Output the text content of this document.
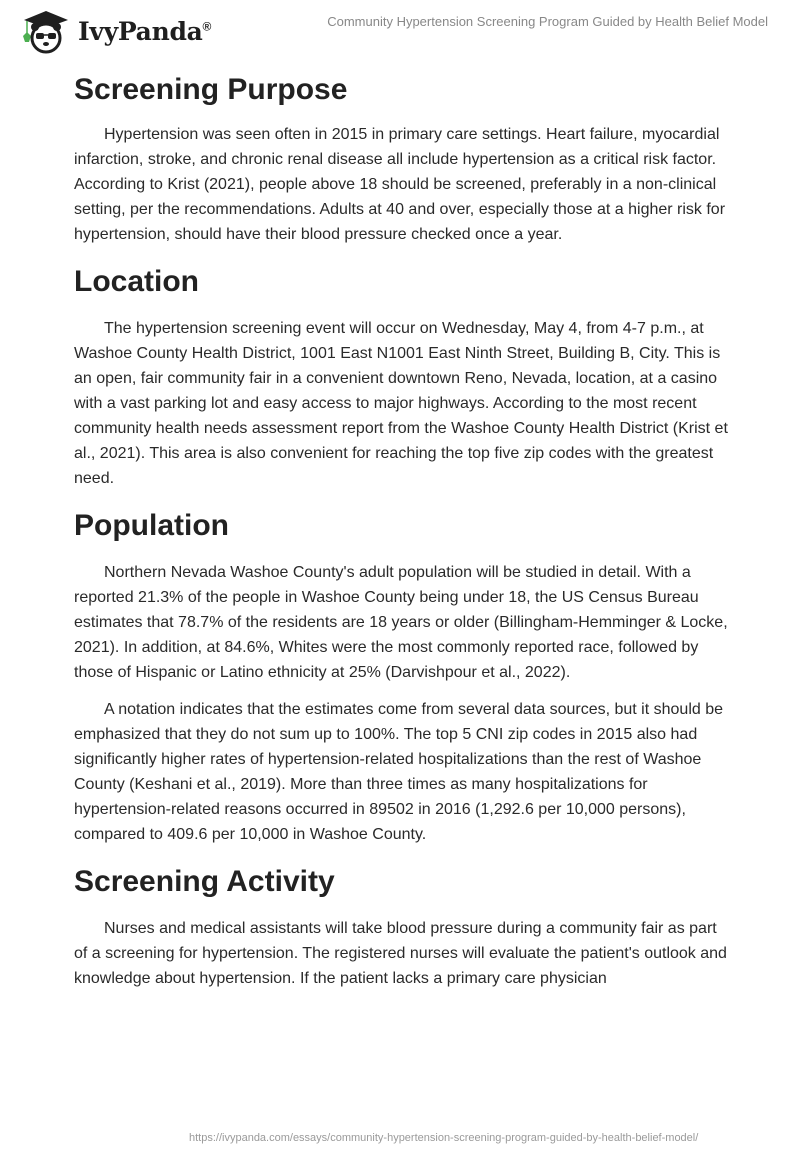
IvyPanda®	Community Hypertension Screening Program Guided by Health Belief Model
Screening Purpose

Hypertension was seen often in 2015 in primary care settings. Heart failure, myocardial infarction, stroke, and chronic renal disease all include hypertension as a critical risk factor. According to Krist (2021), people above 18 should be screened, preferably in a non-clinical setting, per the recommendations. Adults at 40 and over, especially those at a higher risk for hypertension, should have their blood pressure checked once a year.

Location

The hypertension screening event will occur on Wednesday, May 4, from 4-7 p.m., at Washoe County Health District, 1001 East N1001 East Ninth Street, Building B, City. This is an open, fair community fair in a convenient downtown Reno, Nevada, location, at a casino with a vast parking lot and easy access to major highways. According to the most recent community health needs assessment report from the Washoe County Health District (Krist et al., 2021). This area is also convenient for reaching the top five zip codes with the greatest need.

Population

Northern Nevada Washoe County's adult population will be studied in detail. With a reported 21.3% of the people in Washoe County being under 18, the US Census Bureau estimates that 78.7% of the residents are 18 years or older (Billingham-Hemminger & Locke, 2021). In addition, at 84.6%, Whites were the most commonly reported race, followed by those of Hispanic or Latino ethnicity at 25% (Darvishpour et al., 2022).

A notation indicates that the estimates come from several data sources, but it should be emphasized that they do not sum up to 100%. The top 5 CNI zip codes in 2015 also had significantly higher rates of hypertension-related hospitalizations than the rest of Washoe County (Keshani et al., 2019). More than three times as many hospitalizations for hypertension-related reasons occurred in 89502 in 2016 (1,292.6 per 10,000 persons), compared to 409.6 per 10,000 in Washoe County.

Screening Activity

Nurses and medical assistants will take blood pressure during a community fair as part of a screening for hypertension. The registered nurses will evaluate the patient's outlook and knowledge about hypertension. If the patient lacks a primary care physician

https://ivypanda.com/essays/community-hypertension-screening-program-guided-by-health-belief-model/
